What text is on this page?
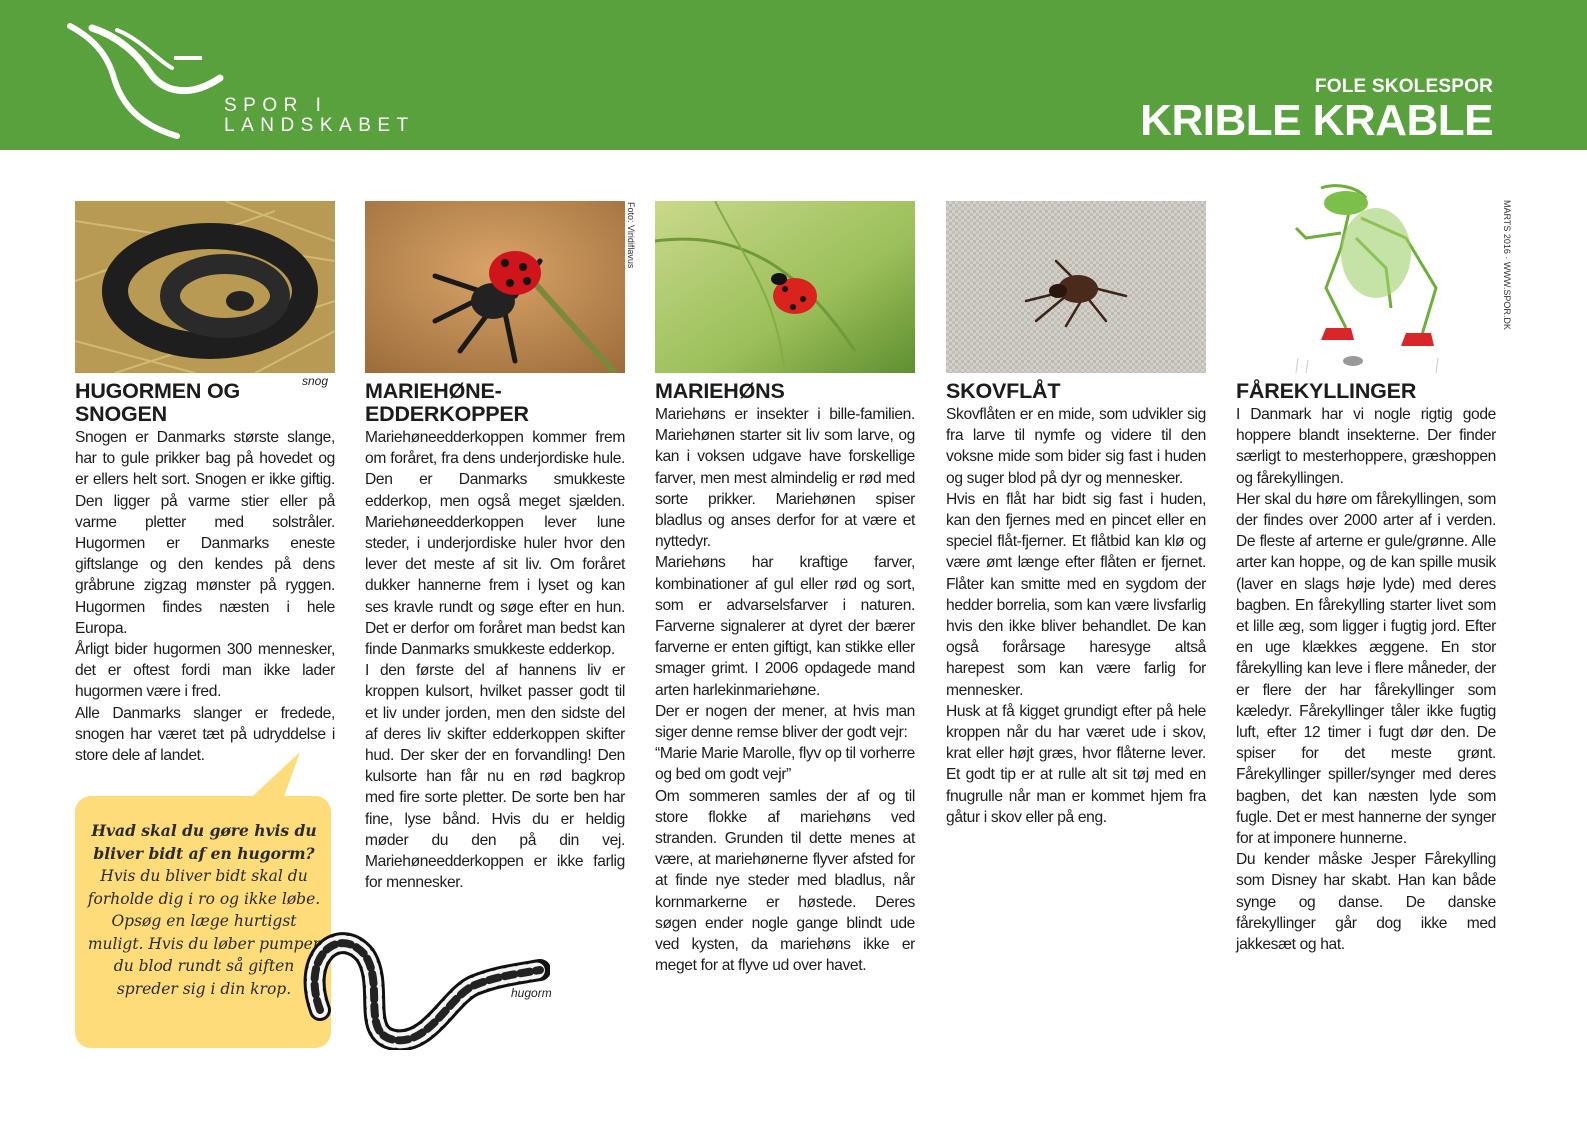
SPOR I
LANDSKABET
FOLE SKOLESPOR
KRIBLE KRABLE
snog
Foto: Viridiflavus	MARTS 2016 · WWW.SPOR.DK
HUGORMEN OG SNOGEN

Snogen er Danmarks største slange, har to gule prikker bag på hovedet og er ellers helt sort. Snogen er ikke giftig. Den ligger på varme stier eller på varme pletter med solstråler. Hugormen er Danmarks eneste giftslange og den kendes på dens gråbrune zigzag mønster på ryggen. Hugormen findes næsten i hele Europa.

Årligt bider hugormen 300 mennesker, det er oftest fordi man ikke lader hugormen være i fred.

Alle Danmarks slanger er fredede, snogen har været tæt på udryddelse i store dele af landet.

MARIEHØNE-EDDERKOPPER

Mariehøneedderkoppen kommer frem om foråret, fra dens underjordiske hule. Den er Danmarks smukkeste edderkop, men også meget sjælden. Mariehøneedderkoppen lever lune steder, i underjordiske huler hvor den lever det meste af sit liv. Om foråret dukker hannerne frem i lyset og kan ses kravle rundt og søge efter en hun. Det er derfor om foråret man bedst kan finde Danmarks smukkeste edderkop.

I den første del af hannens liv er kroppen kulsort, hvilket passer godt til et liv under jorden, men den sidste del af deres liv skifter edderkoppen skifter hud. Der sker der en forvandling! Den kulsorte han får nu en rød bagkrop med fire sorte pletter. De sorte ben har fine, lyse bånd. Hvis du er heldig møder du den på din vej. Mariehøneedderkoppen er ikke farlig for mennesker.

MARIEHØNS

Mariehøns er insekter i bille-familien. Mariehønen starter sit liv som larve, og kan i voksen udgave have forskellige farver, men mest almindelig er rød med sorte prikker. Mariehønen spiser bladlus og anses derfor for at være et nyttedyr.

Mariehøns har kraftige farver, kombinationer af gul eller rød og sort, som er advarselsfarver i naturen. Farverne signalerer at dyret der bærer farverne er enten giftigt, kan stikke eller smager grimt. I 2006 opdagede mand arten harlekinmariehøne.

Der er nogen der mener, at hvis man siger denne remse bliver der godt vejr:

“Marie Marie Marolle, flyv op til vorherre og bed om godt vejr”

Om sommeren samles der af og til store flokke af mariehøns ved stranden. Grunden til dette menes at være, at mariehønerne flyver afsted for at finde nye steder med bladlus, når kornmarkerne er høstede. Deres søgen ender nogle gange blindt ude ved kysten, da mariehøns ikke er meget for at flyve ud over havet.

SKOVFLÅT

Skovflåten er en mide, som udvikler sig fra larve til nymfe og videre til den voksne mide som bider sig fast i huden og suger blod på dyr og mennesker.

Hvis en flåt har bidt sig fast i huden, kan den fjernes med en pincet eller en speciel flåt-fjerner. Et flåtbid kan klø og være ømt længe efter flåten er fjernet. Flåter kan smitte med en sygdom der hedder borrelia, som kan være livsfarlig hvis den ikke bliver behandlet. De kan også forårsage haresyge altså harepest som kan være farlig for mennesker.

Husk at få kigget grundigt efter på hele kroppen når du har været ude i skov, krat eller højt græs, hvor flåterne lever. Et godt tip er at rulle alt sit tøj med en fnugrulle når man er kommet hjem fra gåtur i skov eller på eng.

FÅREKYLLINGER

I Danmark har vi nogle rigtig gode hoppere blandt insekterne. Der finder særligt to mesterhoppere, græshoppen og fårekyllingen.

Her skal du høre om fårekyllingen, som der findes over 2000 arter af i verden. De fleste af arterne er gule/grønne. Alle arter kan hoppe, og de kan spille musik (laver en slags høje lyde) med deres bagben. En fårekylling starter livet som et lille æg, som ligger i fugtig jord. Efter en uge klækkes æggene. En stor fårekylling kan leve i flere måneder, der er flere der har fårekyllinger som kæledyr. Fårekyllinger tåler ikke fugtig luft, efter 12 timer i fugt dør den. De spiser for det meste grønt. Fårekyllinger spiller/synger med deres bagben, det kan næsten lyde som fugle. Det er mest hannerne der synger for at imponere hunnerne.

Du kender måske Jesper Fårekylling som Disney har skabt. Han kan både synge og danse. De danske fårekyllinger går dog ikke med jakkesæt og hat.

Hvad skal du gøre hvis du bliver bidt af en hugorm?
Hvis du bliver bidt skal du forholde dig i ro og ikke løbe. Opsøg en læge hurtigst muligt. Hvis du løber pumper du blod rundt så giften spreder sig i din krop.	hugorm
